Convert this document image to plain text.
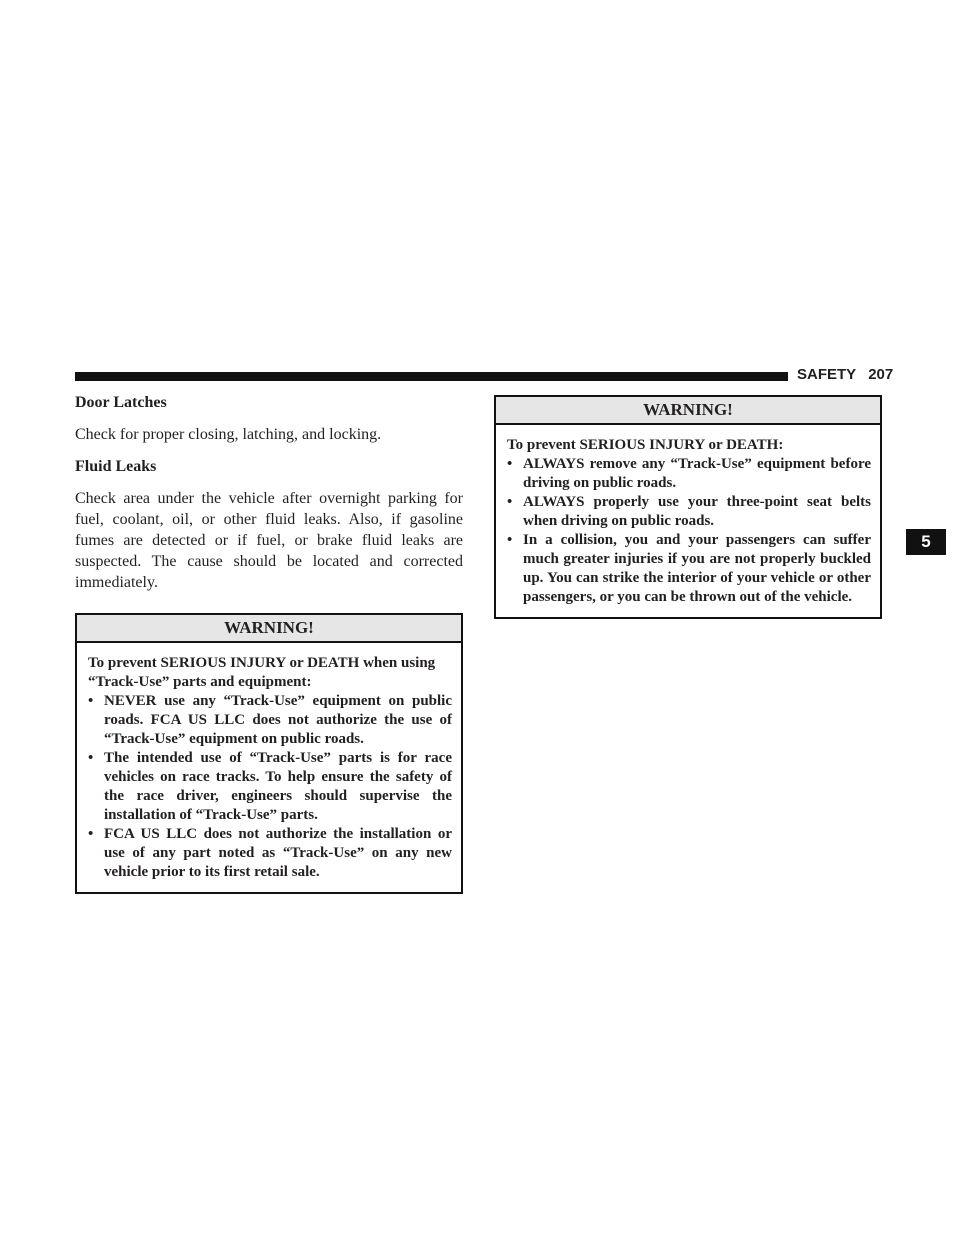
SAFETY 207
5
Door Latches

Check for proper closing, latching, and locking.

Fluid Leaks

Check area under the vehicle after overnight parking for fuel, coolant, oil, or other fluid leaks. Also, if gasoline fumes are detected or if fuel, or brake fluid leaks are suspected. The cause should be located and corrected immediately.

WARNING!

To prevent SERIOUS INJURY or DEATH when using “Track-Use” parts and equipment:

• NEVER use any “Track-Use” equipment on public roads. FCA US LLC does not authorize the use of “Track-Use” equipment on public roads.
• The intended use of “Track-Use” parts is for race vehicles on race tracks. To help ensure the safety of the race driver, engineers should supervise the installation of “Track-Use” parts.
• FCA US LLC does not authorize the installation or use of any part noted as “Track-Use” on any new vehicle prior to its first retail sale.
WARNING!

To prevent SERIOUS INJURY or DEATH:

• ALWAYS remove any “Track-Use” equipment before driving on public roads.
• ALWAYS properly use your three-point seat belts when driving on public roads.
• In a collision, you and your passengers can suffer much greater injuries if you are not properly buckled up. You can strike the interior of your vehicle or other passengers, or you can be thrown out of the vehicle.
